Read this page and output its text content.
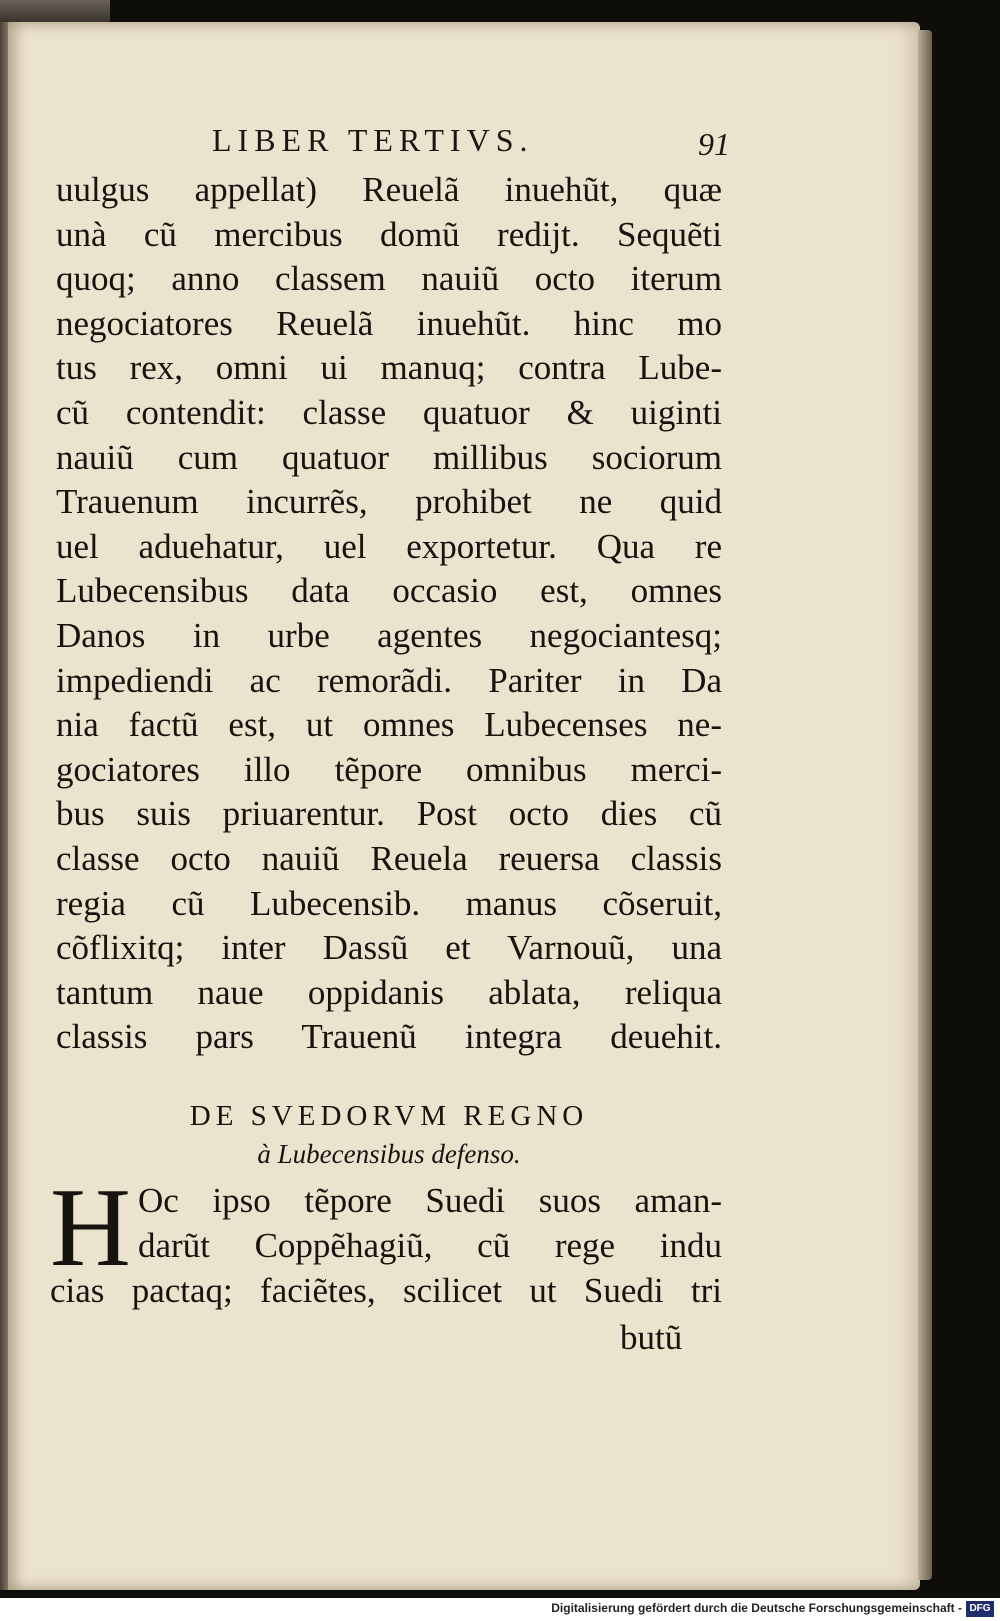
LIBER TERTIVS.	91
uulgus appellat) Reuelã inuehũt, quæ
unà cũ mercibus domũ redijt. Sequẽti
quoq; anno classem nauiũ octo iterum
negociatores Reuelã inuehũt. hinc mo
tus rex, omni ui manuq; contra Lube-
cũ contendit: classe quatuor & uiginti
nauiũ cum quatuor millibus sociorum
Trauenum incurrẽs, prohibet ne quid
uel aduehatur, uel exportetur. Qua re
Lubecensibus data occasio est, omnes
Danos in urbe agentes negociantesq;
impediendi ac remorãdi. Pariter in Da
nia factũ est, ut omnes Lubecenses ne-
gociatores illo tẽpore omnibus merci-
bus suis priuarentur. Post octo dies cũ
classe octo nauiũ Reuela reuersa classis
regia cũ Lubecensib. manus cõseruit,
cõflixitq; inter Dassũ et Varnouũ, una
tantum naue oppidanis ablata, reliqua
classis pars Trauenũ integra deuehit.
DE SVEDORVM REGNO
à Lubecensibus defenso.
H Oc ipso tẽpore Suedi suos aman-
darũt Coppẽhagiũ, cũ rege indu
cias pactaq; faciẽtes, scilicet ut Suedi tri
butũ
Digitalisierung gefördert durch die Deutsche Forschungsgemeinschaft - DFG
